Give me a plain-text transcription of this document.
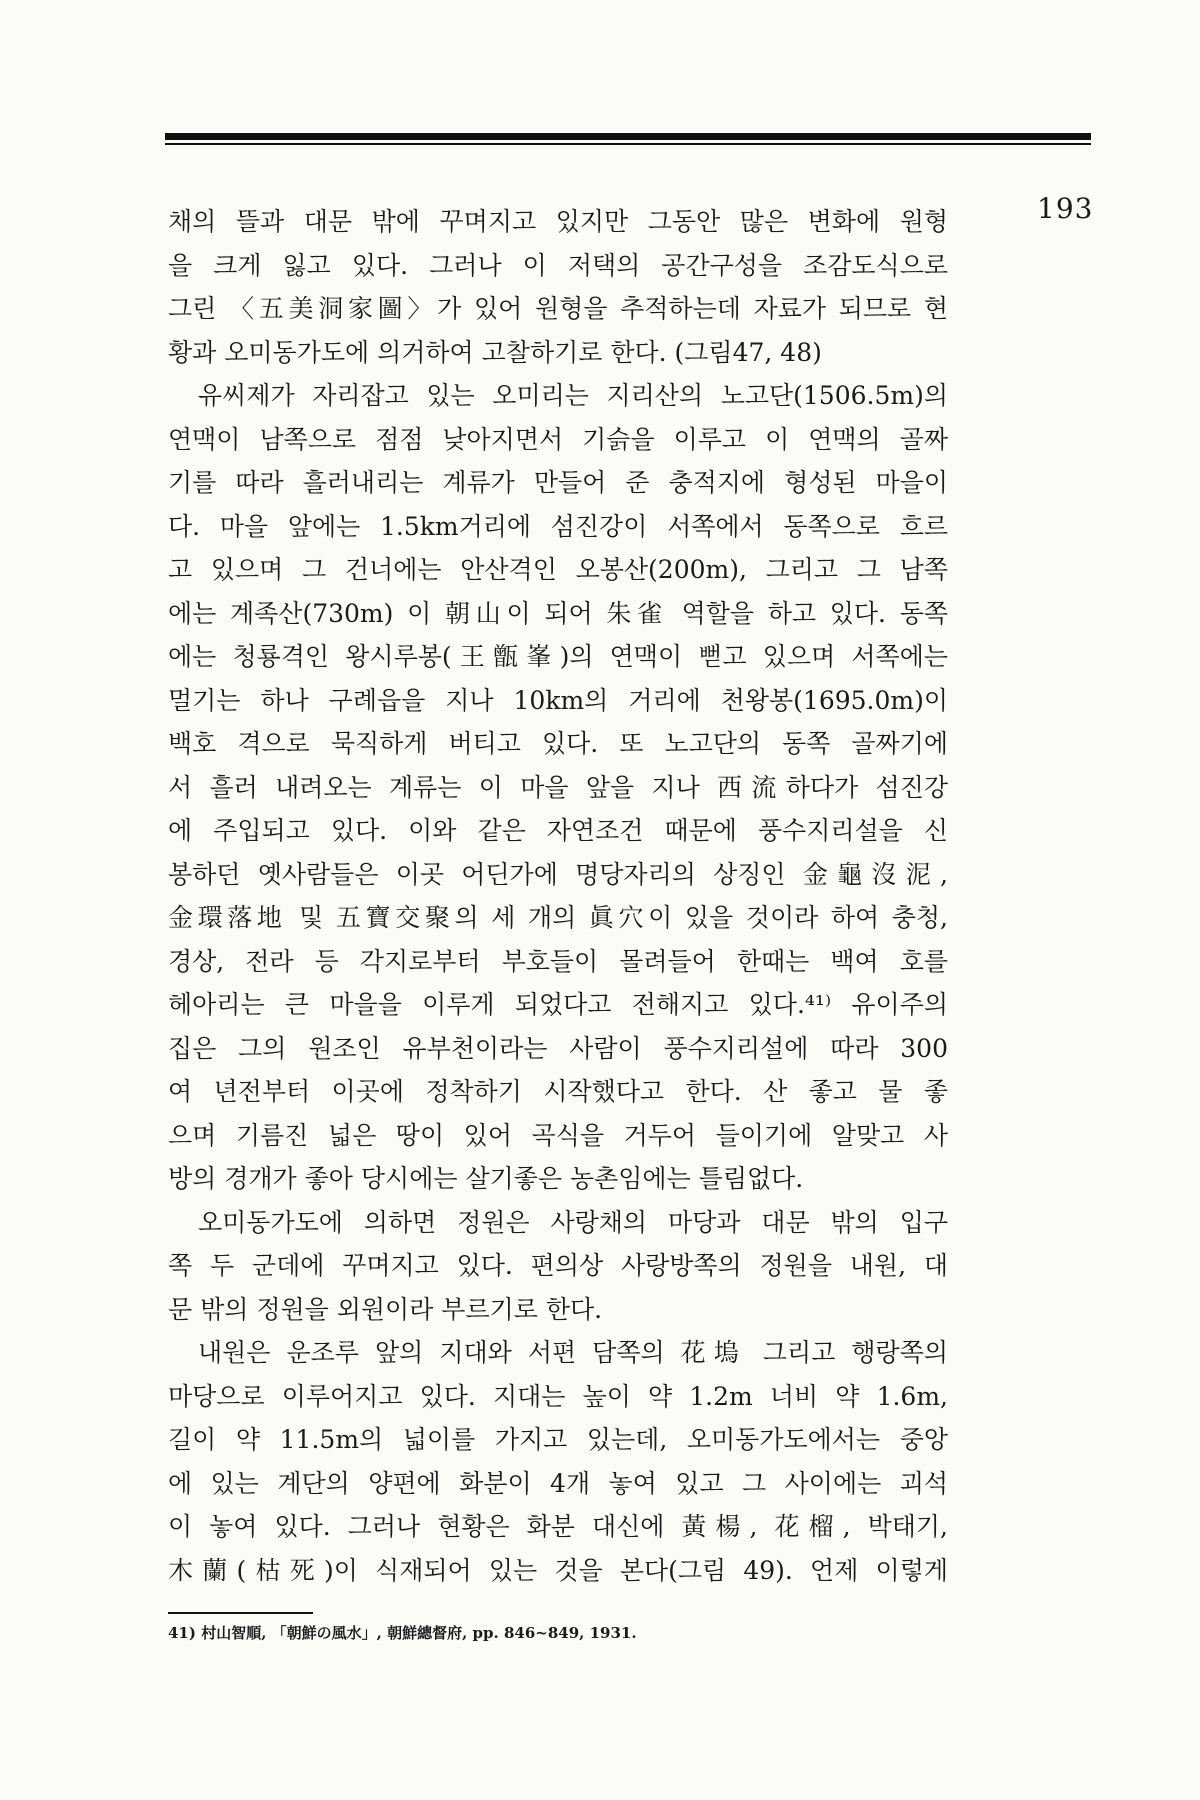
193
채의 뜰과 대문 밖에 꾸며지고 있지만 그동안 많은 변화에 원형
을 크게 잃고 있다. 그러나 이 저택의 공간구성을 조감도식으로
그린 〈五美洞家圖〉가 있어 원형을 추적하는데 자료가 되므로 현
황과 오미동가도에 의거하여 고찰하기로 한다. (그림47, 48)
유씨제가 자리잡고 있는 오미리는 지리산의 노고단(1506.5m)의
연맥이 남쪽으로 점점 낮아지면서 기슭을 이루고 이 연맥의 골짜
기를 따라 흘러내리는 계류가 만들어 준 충적지에 형성된 마을이
다. 마을 앞에는 1.5km거리에 섬진강이 서쪽에서 동쪽으로 흐르
고 있으며 그 건너에는 안산격인 오봉산(200m), 그리고 그 남쪽
에는 계족산(730m) 이 朝山이 되어 朱雀 역할을 하고 있다. 동쪽
에는 청룡격인 왕시루봉(王甑峯)의 연맥이 뻗고 있으며 서쪽에는
멀기는 하나 구례읍을 지나 10km의 거리에 천왕봉(1695.0m)이
백호 격으로 묵직하게 버티고 있다. 또 노고단의 동쪽 골짜기에
서 흘러 내려오는 계류는 이 마을 앞을 지나 西流하다가 섬진강
에 주입되고 있다. 이와 같은 자연조건 때문에 풍수지리설을 신
봉하던 옛사람들은 이곳 어딘가에 명당자리의 상징인 金龜沒泥,
金環落地 및 五寶交聚의 세 개의 眞穴이 있을 것이라 하여 충청,
경상, 전라 등 각지로부터 부호들이 몰려들어 한때는 백여 호를
헤아리는 큰 마을을 이루게 되었다고 전해지고 있다.⁴¹⁾ 유이주의
집은 그의 원조인 유부천이라는 사람이 풍수지리설에 따라 300
여 년전부터 이곳에 정착하기 시작했다고 한다. 산 좋고 물 좋
으며 기름진 넓은 땅이 있어 곡식을 거두어 들이기에 알맞고 사
방의 경개가 좋아 당시에는 살기좋은 농촌임에는 틀림없다.
오미동가도에 의하면 정원은 사랑채의 마당과 대문 밖의 입구
쪽 두 군데에 꾸며지고 있다. 편의상 사랑방쪽의 정원을 내원, 대
문 밖의 정원을 외원이라 부르기로 한다.
내원은 운조루 앞의 지대와 서편 담쪽의 花塢 그리고 행랑쪽의
마당으로 이루어지고 있다. 지대는 높이 약 1.2m 너비 약 1.6m,
길이 약 11.5m의 넓이를 가지고 있는데, 오미동가도에서는 중앙
에 있는 계단의 양편에 화분이 4개 놓여 있고 그 사이에는 괴석
이 놓여 있다. 그러나 현황은 화분 대신에 黃楊, 花榴, 박태기,
木蘭(枯死)이 식재되어 있는 것을 본다(그림 49). 언제 이렇게
41) 村山智順, 「朝鮮の風水」, 朝鮮總督府, pp. 846~849, 1931.
